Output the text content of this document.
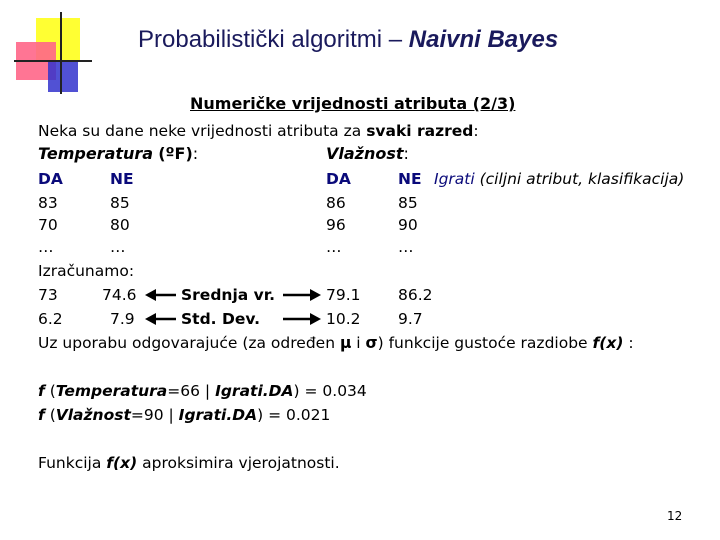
Probabilistički algoritmi – Naivni Bayes
Numeričke vrijednosti atributa (2/3)
Neka su dane neke vrijednosti atributa za svaki razred:
Temperatura (ºF):	Vlažnost:
DA	NE	DA	NE Igrati (ciljni atribut, klasifikacija)
83	85	86	85
70	80	96	90
…	…	…	…
Izračunamo:
73	74.6	Srednja vr.	79.1 86.2
6.2	7.9	Std. Dev.	10.2 9.7
Uz uporabu odgovarajuće (za određen μ i σ) funkcije gustoće razdiobe f(x) :
f (Temperatura=66 | Igrati.DA) = 0.034
f (Vlažnost=90 | Igrati.DA) = 0.021
Funkcija f(x) aproksimira vjerojatnosti.
12
